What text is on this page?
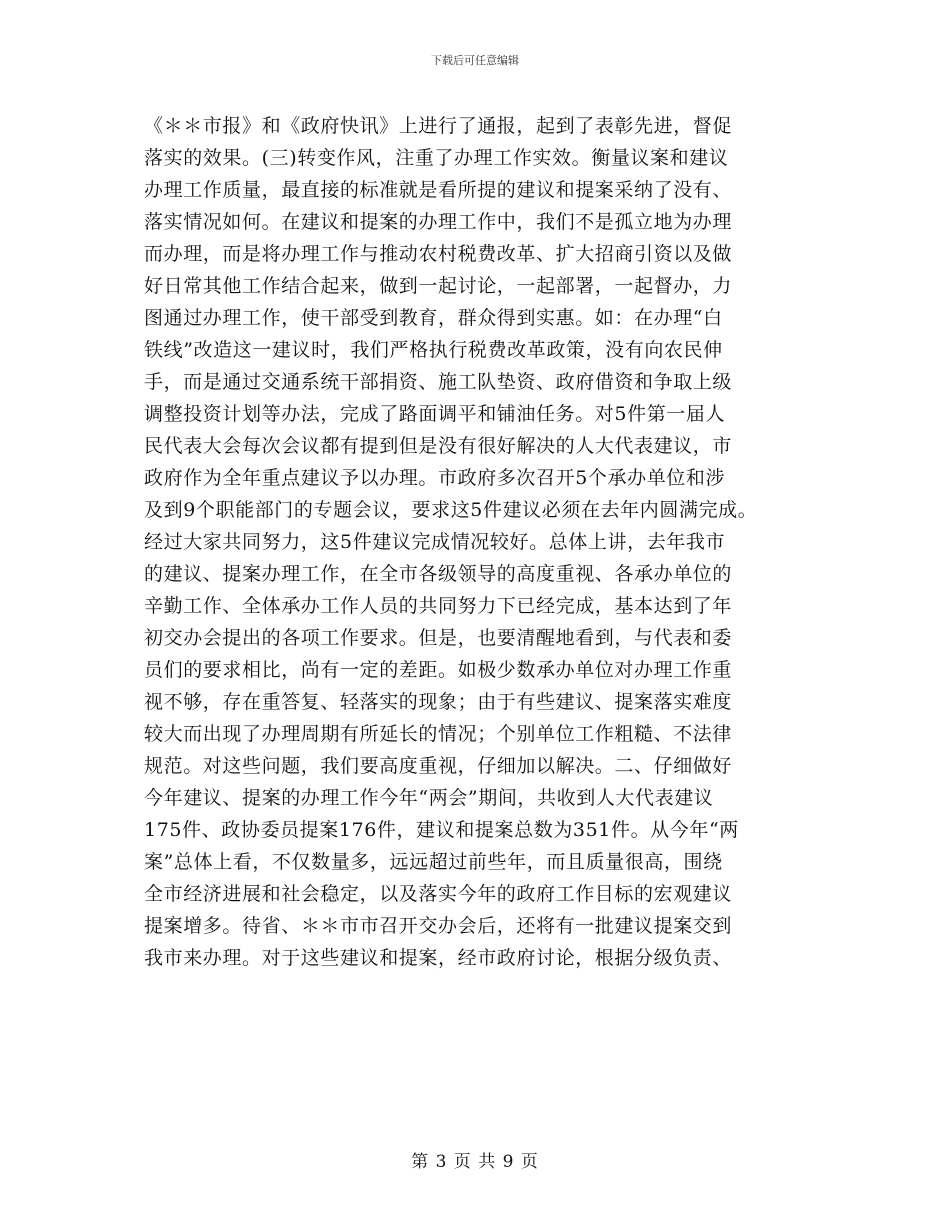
下载后可任意编辑
《＊＊市报》和《政府快讯》上进行了通报，起到了表彰先进，督促
落实的效果。(三)转变作风，注重了办理工作实效。衡量议案和建议
办理工作质量，最直接的标准就是看所提的建议和提案采纳了没有、
落实情况如何。在建议和提案的办理工作中，我们不是孤立地为办理
而办理，而是将办理工作与推动农村税费改革、扩大招商引资以及做
好日常其他工作结合起来，做到一起讨论，一起部署，一起督办，力
图通过办理工作，使干部受到教育，群众得到实惠。如：在办理“白
铁线”改造这一建议时，我们严格执行税费改革政策，没有向农民伸
手，而是通过交通系统干部捐资、施工队垫资、政府借资和争取上级
调整投资计划等办法，完成了路面调平和铺油任务。对5件第一届人
民代表大会每次会议都有提到但是没有很好解决的人大代表建议，市
政府作为全年重点建议予以办理。市政府多次召开5个承办单位和涉
及到9个职能部门的专题会议，要求这5件建议必须在去年内圆满完成。
经过大家共同努力，这5件建议完成情况较好。总体上讲，去年我市
的建议、提案办理工作，在全市各级领导的高度重视、各承办单位的
辛勤工作、全体承办工作人员的共同努力下已经完成，基本达到了年
初交办会提出的各项工作要求。但是，也要清醒地看到，与代表和委
员们的要求相比，尚有一定的差距。如极少数承办单位对办理工作重
视不够，存在重答复、轻落实的现象；由于有些建议、提案落实难度
较大而出现了办理周期有所延长的情况；个别单位工作粗糙、不法律
规范。对这些问题，我们要高度重视，仔细加以解决。二、仔细做好
今年建议、提案的办理工作今年“两会”期间，共收到人大代表建议
175件、政协委员提案176件，建议和提案总数为351件。从今年“两
案”总体上看，不仅数量多，远远超过前些年，而且质量很高，围绕
全市经济进展和社会稳定，以及落实今年的政府工作目标的宏观建议
提案增多。待省、＊＊市市召开交办会后，还将有一批建议提案交到
我市来办理。对于这些建议和提案，经市政府讨论，根据分级负责、
第 3 页 共 9 页
